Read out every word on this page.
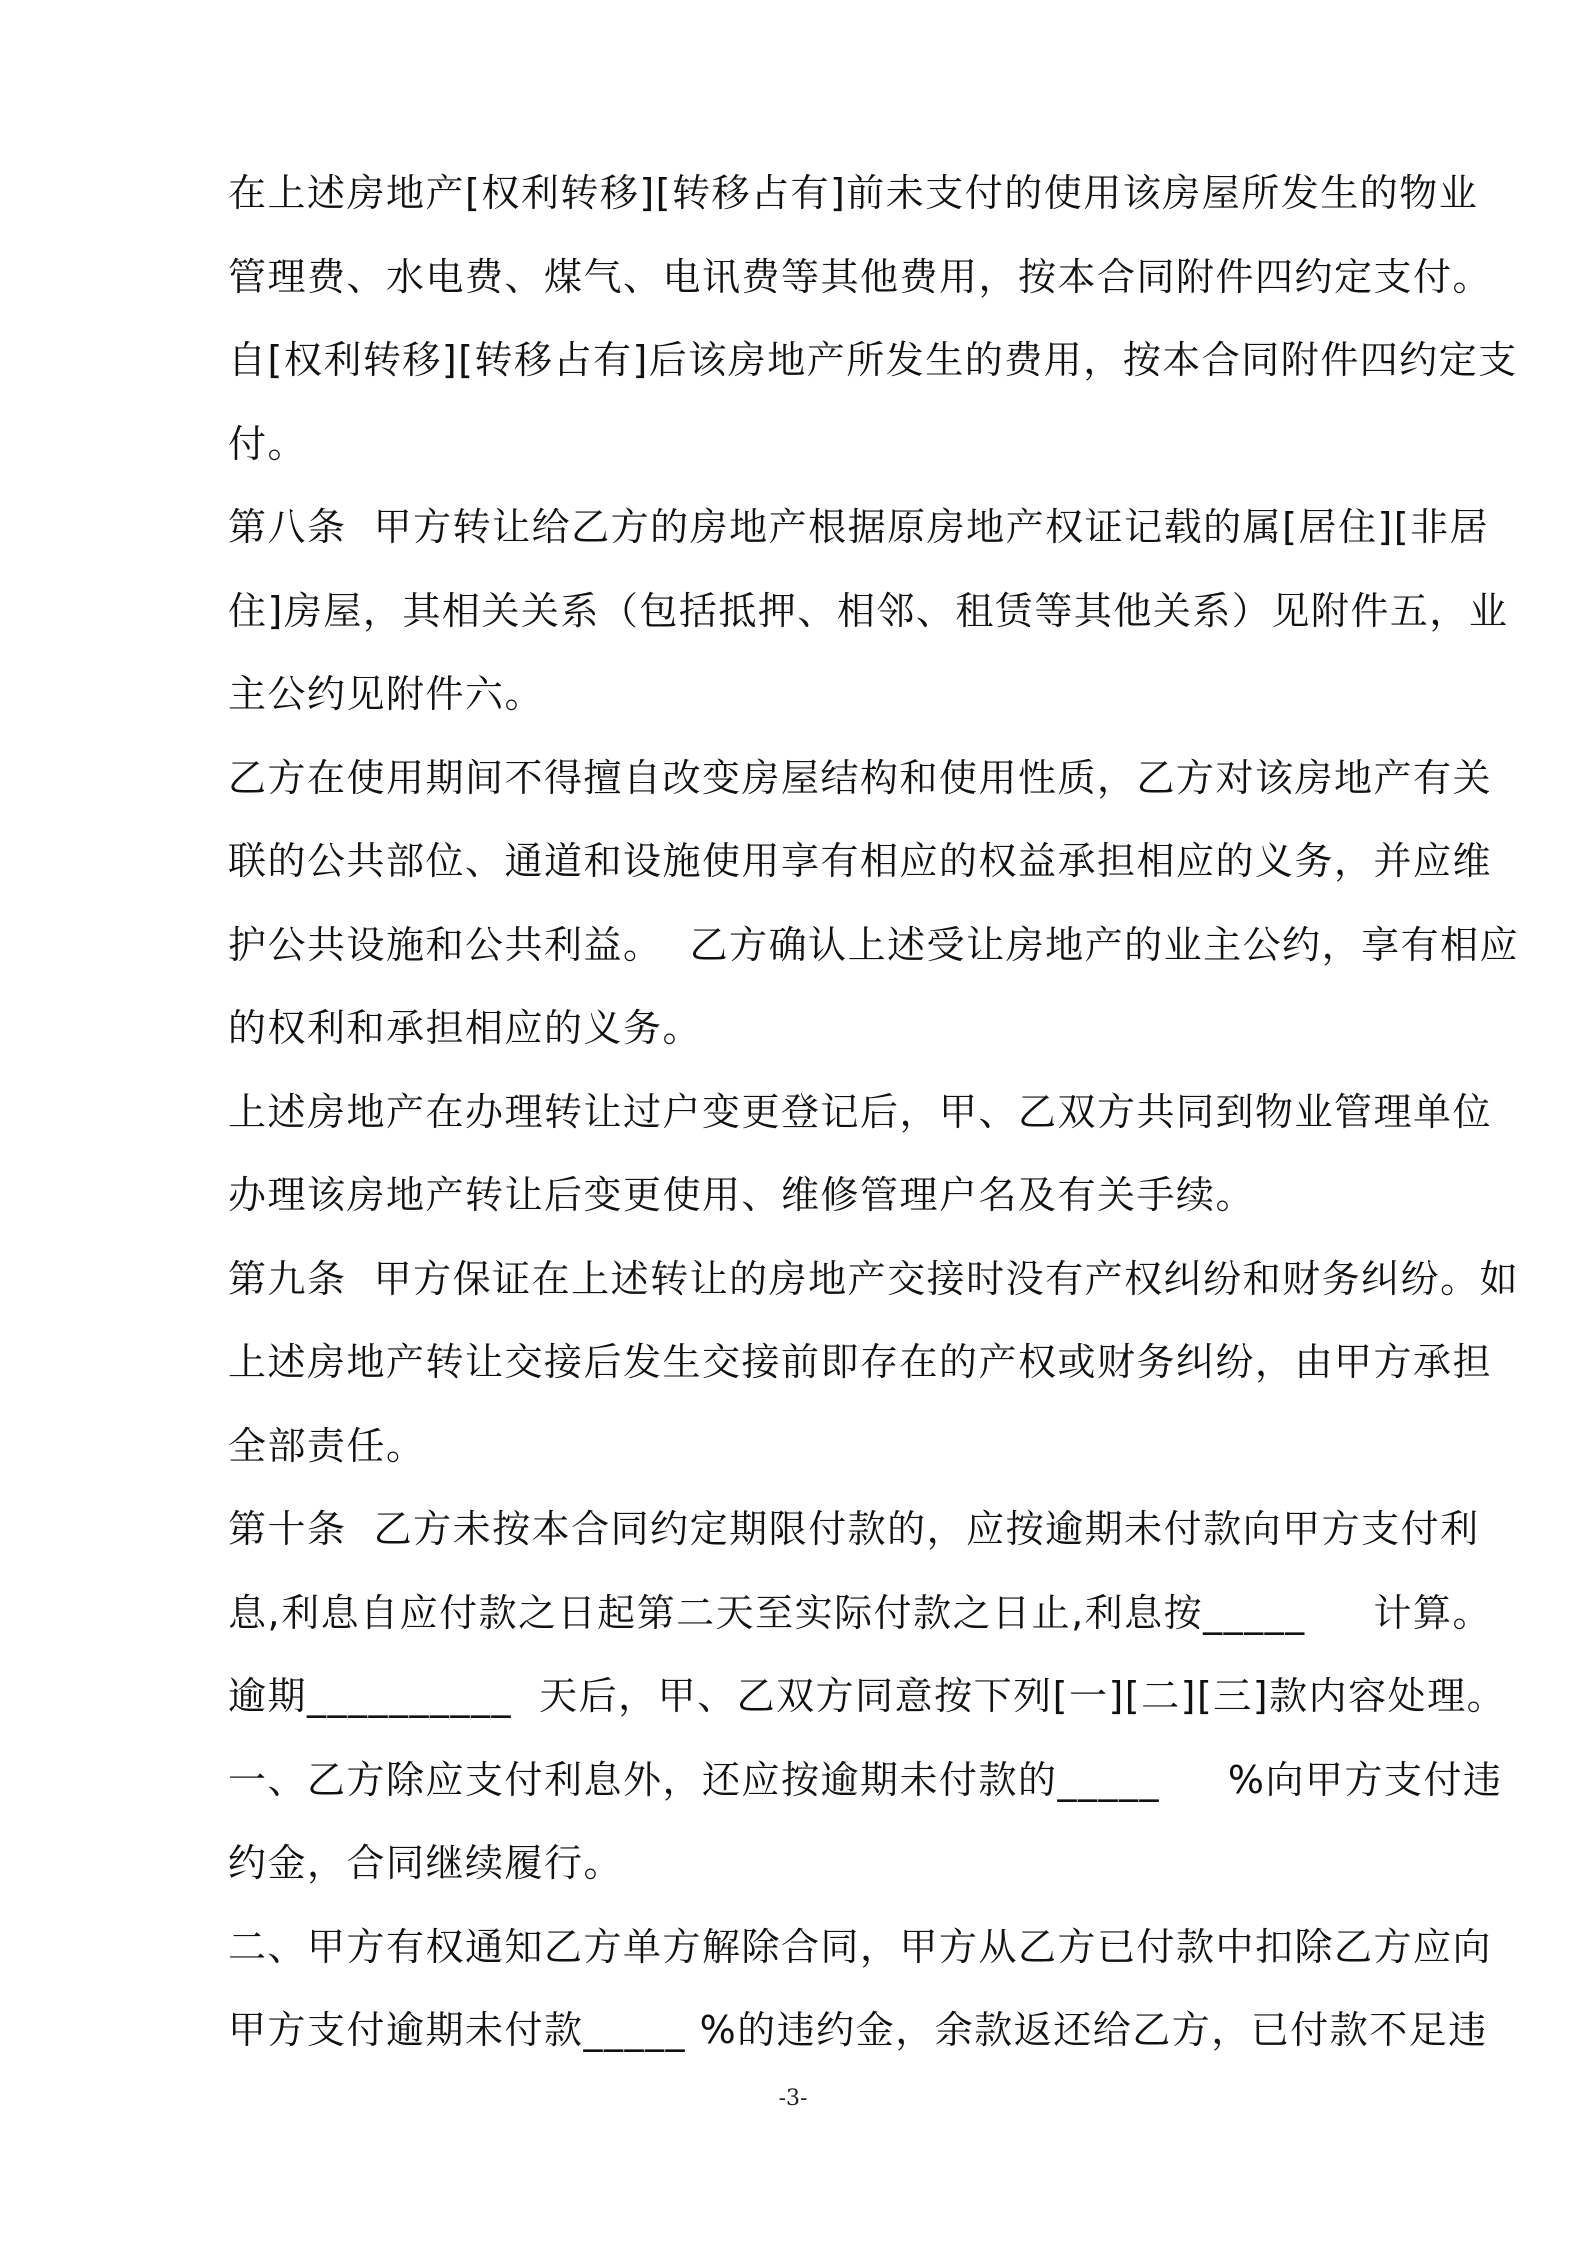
在上述房地产[权利转移][转移占有]前未支付的使用该房屋所发生的物业
管理费、水电费、煤气、电讯费等其他费用，按本合同附件四约定支付。
自[权利转移][转移占有]后该房地产所发生的费用，按本合同附件四约定支
付。
第八条  甲方转让给乙方的房地产根据原房地产权证记载的属[居住][非居
住]房屋，其相关关系（包括抵押、相邻、租赁等其他关系）见附件五，业
主公约见附件六。
乙方在使用期间不得擅自改变房屋结构和使用性质，乙方对该房地产有关
联的公共部位、通道和设施使用享有相应的权益承担相应的义务，并应维
护公共设施和公共利益。  乙方确认上述受让房地产的业主公约，享有相应
的权利和承担相应的义务。
上述房地产在办理转让过户变更登记后，甲、乙双方共同到物业管理单位
办理该房地产转让后变更使用、维修管理户名及有关手续。
第九条  甲方保证在上述转让的房地产交接时没有产权纠纷和财务纠纷。如
上述房地产转让交接后发生交接前即存在的产权或财务纠纷，由甲方承担
全部责任。
第十条  乙方未按本合同约定期限付款的，应按逾期未付款向甲方支付利
息,利息自应付款之日起第二天至实际付款之日止,利息按_____     计算。
逾期__________  天后，甲、乙双方同意按下列[一][二][三]款内容处理。
一、乙方除应支付利息外，还应按逾期未付款的_____     %向甲方支付违
约金，合同继续履行。
二、甲方有权通知乙方单方解除合同，甲方从乙方已付款中扣除乙方应向
甲方支付逾期未付款_____ %的违约金，余款返还给乙方，已付款不足违
-3-
